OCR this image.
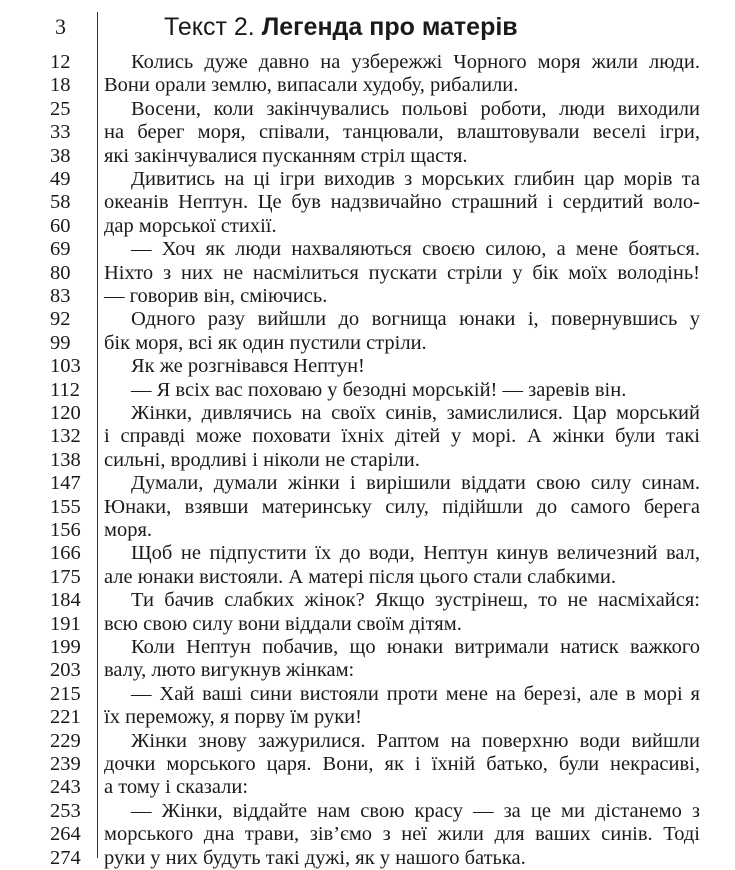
3
12
18
25
33
38
49
58
60
69
80
83
92
99
103
112
120
132
138
147
155
156
166
175
184
191
199
203
215
221
229
239
243
253
264
274
Текст 2. Легенда про матерів
Колись дуже давно на узбережжі Чорного моря жили люди.
Вони орали землю, випасали худобу, рибалили.
Восени, коли закінчувались польові роботи, люди виходили
на берег моря, співали, танцювали, влаштовували веселі ігри,
які закінчувалися пусканням стріл щастя.
Дивитись на ці ігри виходив з морських глибин цар морів та
океанів Нептун. Це був надзвичайно страшний і сердитий воло-
дар морської стихії.
— Хоч як люди нахваляються своєю силою, а мене бояться.
Ніхто з них не насмілиться пускати стріли у бік моїх володінь!
— говорив він, сміючись.
Одного разу вийшли до вогнища юнаки і, повернувшись у
бік моря, всі як один пустили стріли.
Як же розгнівався Нептун!
— Я всіх вас поховаю у безодні морській! — заревів він.
Жінки, дивлячись на своїх синів, замислилися. Цар морський
і справді може поховати їхніх дітей у морі. А жінки були такі
сильні, вродливі і ніколи не старіли.
Думали, думали жінки і вирішили віддати свою силу синам.
Юнаки, взявши материнську силу, підійшли до самого берега
моря.
Щоб не підпустити їх до води, Нептун кинув величезний вал,
але юнаки вистояли. А матері після цього стали слабкими.
Ти бачив слабких жінок? Якщо зустрінеш, то не насміхайся:
всю свою силу вони віддали своїм дітям.
Коли Нептун побачив, що юнаки витримали натиск важкого
валу, люто вигукнув жінкам:
— Хай ваші сини вистояли проти мене на березі, але в морі я
їх переможу, я порву їм руки!
Жінки знову зажурилися. Раптом на поверхню води вийшли
дочки морського царя. Вони, як і їхній батько, були некрасиві,
а тому і сказали:
— Жінки, віддайте нам свою красу — за це ми дістанемо з
морського дна трави, зів’ємо з неї жили для ваших синів. Тоді
руки у них будуть такі дужі, як у нашого батька.
